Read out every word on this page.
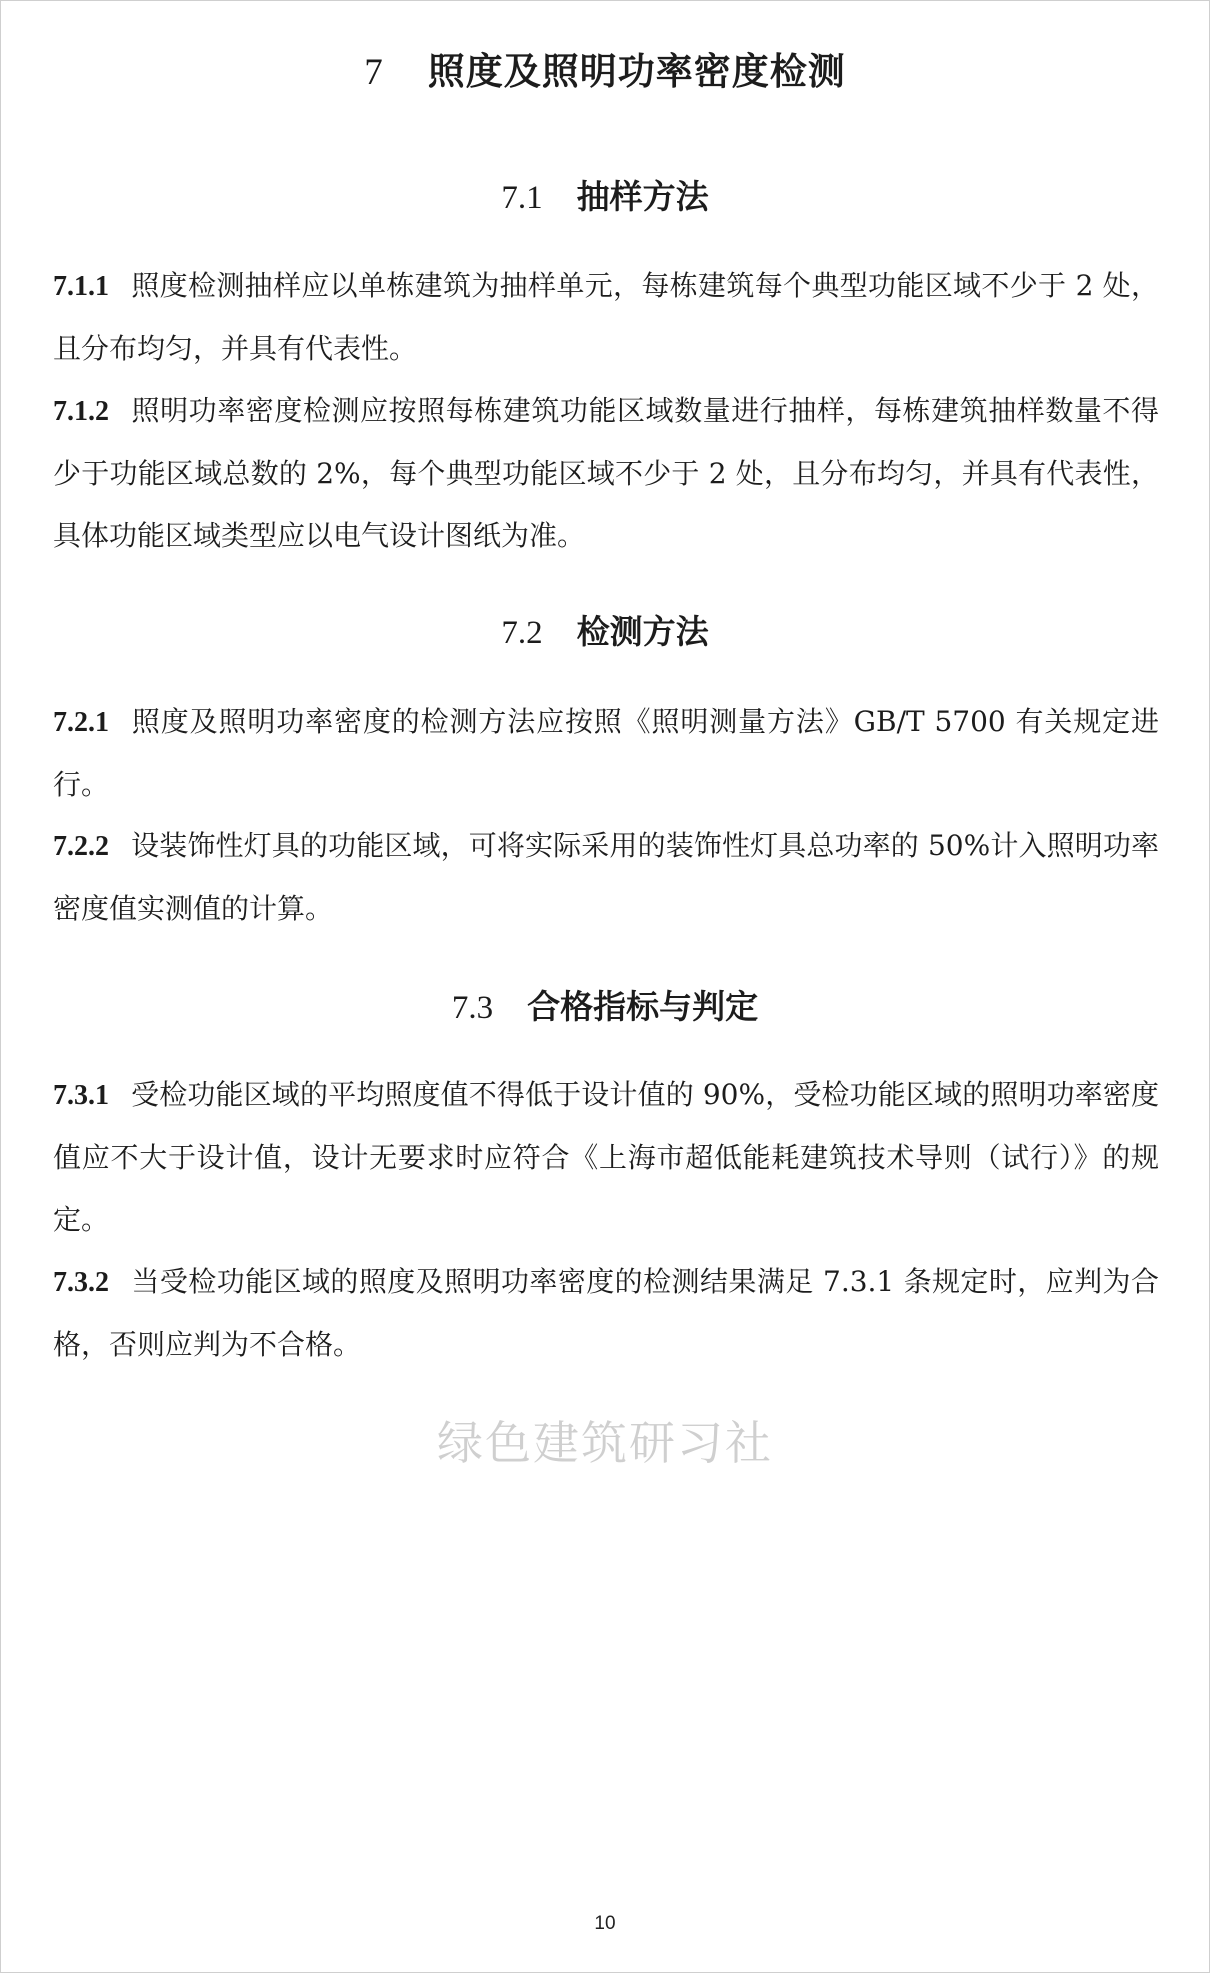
7 照度及照明功率密度检测
7.1 抽样方法

7.1.1 照度检测抽样应以单栋建筑为抽样单元，每栋建筑每个典型功能区域不少于 2 处，且分布均匀，并具有代表性。

7.1.2 照明功率密度检测应按照每栋建筑功能区域数量进行抽样，每栋建筑抽样数量不得少于功能区域总数的 2%，每个典型功能区域不少于 2 处，且分布均匀，并具有代表性，具体功能区域类型应以电气设计图纸为准。

7.2 检测方法

7.2.1 照度及照明功率密度的检测方法应按照《照明测量方法》GB/T 5700 有关规定进行。

7.2.2 设装饰性灯具的功能区域，可将实际采用的装饰性灯具总功率的 50%计入照明功率密度值实测值的计算。

7.3 合格指标与判定

7.3.1 受检功能区域的平均照度值不得低于设计值的 90%，受检功能区域的照明功率密度值应不大于设计值，设计无要求时应符合《上海市超低能耗建筑技术导则（试行）》的规定。

7.3.2 当受检功能区域的照度及照明功率密度的检测结果满足 7.3.1 条规定时，应判为合格，否则应判为不合格。

绿色建筑研习社
10
